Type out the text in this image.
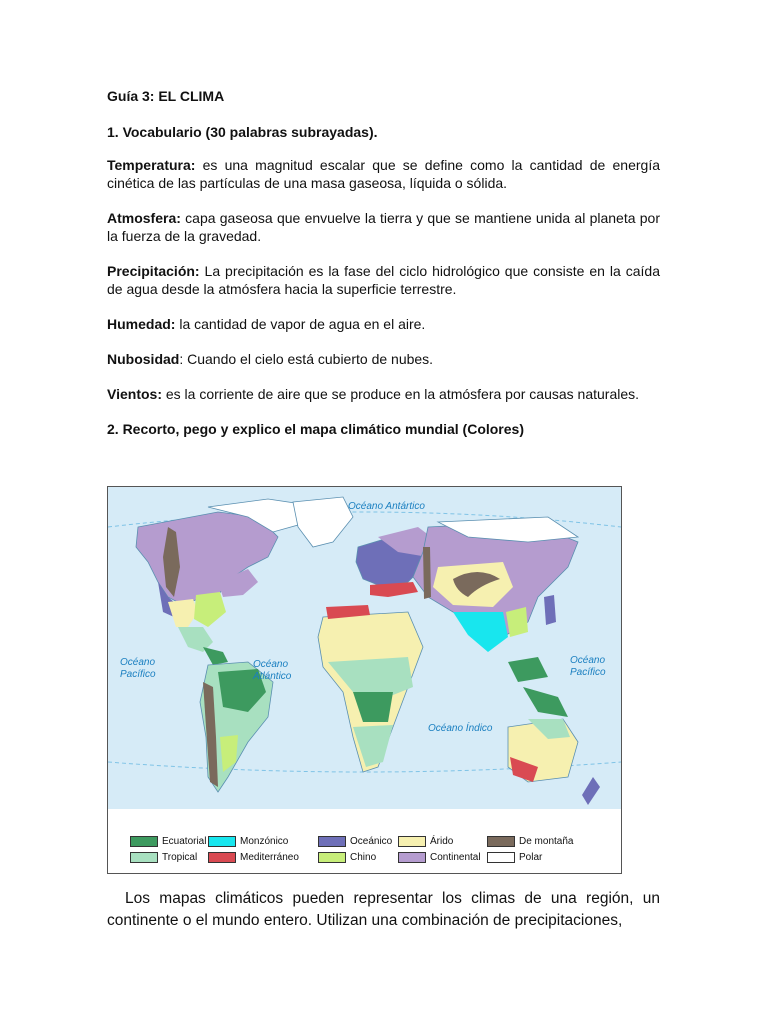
Guía 3: EL CLIMA

1. Vocabulario (30 palabras subrayadas).

Temperatura: es una magnitud escalar que se define como la cantidad de energía cinética de las partículas de una masa gaseosa, líquida o sólida.

Atmosfera: capa gaseosa que envuelve la tierra y que se mantiene unida al planeta por la fuerza de la gravedad.

Precipitación: La precipitación es la fase del ciclo hidrológico que consiste en la caída de agua desde la atmósfera hacia la superficie terrestre.

Humedad: la cantidad de vapor de agua en el aire.

Nubosidad: Cuando el cielo está cubierto de nubes.

Vientos: es la corriente de aire que se produce en la atmósfera por causas naturales.

2. Recorto, pego y explico el mapa climático mundial (Colores)

Océano Antártico
Océano
Pacífico
Océano
Atlántico
Océano
Pacífico
Océano Índico
Ecuatorial
Tropical
Monzónico
Mediterráneo
Oceánico
Chino
Árido
Continental
De montaña
Polar

Los mapas climáticos pueden representar los climas de una región, un continente o el mundo entero. Utilizan una combinación de precipitaciones,
